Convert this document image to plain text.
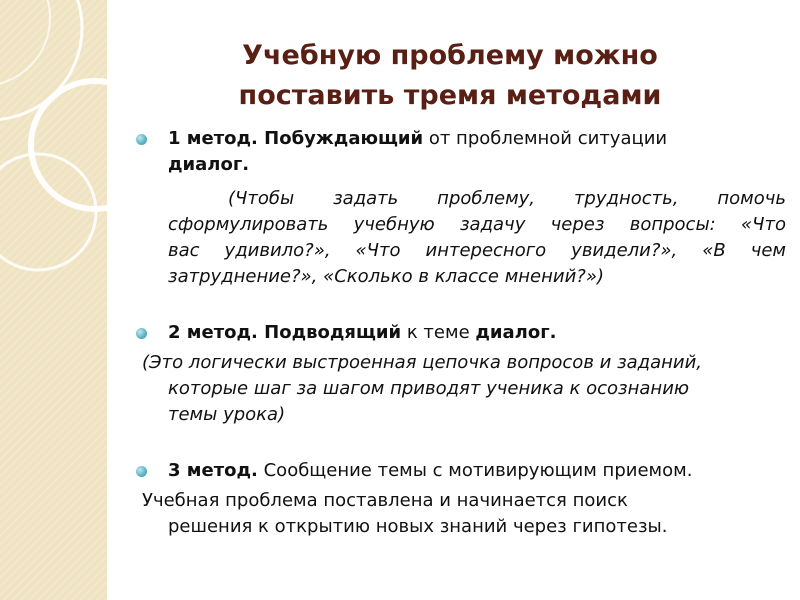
Учебную проблему можно
поставить тремя методами
1 метод. Побуждающий от проблемной ситуации
диалог.
(Чтобы задать проблему, трудность, помочь
сформулировать учебную задачу через вопросы: «Что
вас удивило?», «Что интересного увидели?», «В чем
затруднение?», «Сколько в классе мнений?»)
2 метод. Подводящий к теме диалог.
(Это логически выстроенная цепочка вопросов и заданий,
которые шаг за шагом приводят ученика к осознанию
темы урока)
3 метод. Сообщение темы с мотивирующим приемом.
Учебная проблема поставлена и начинается поиск
решения к открытию новых знаний через гипотезы.
